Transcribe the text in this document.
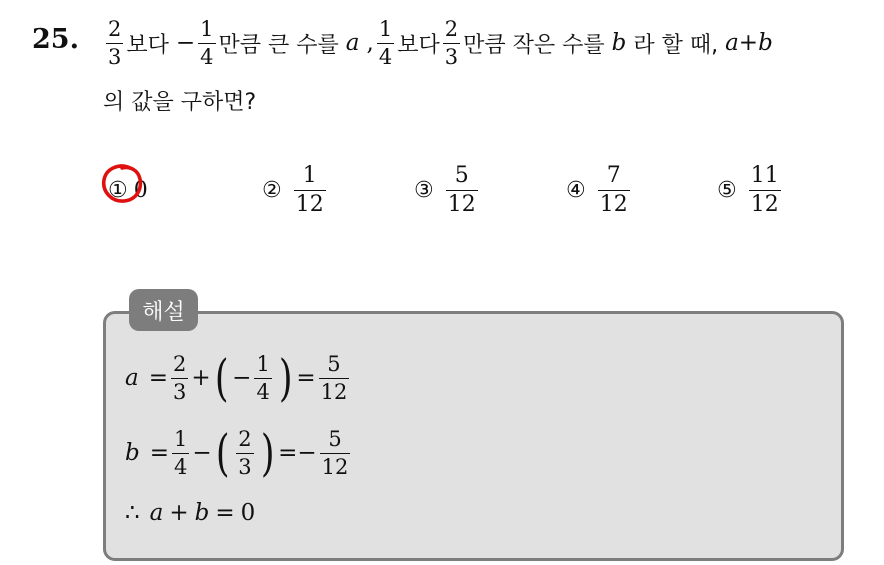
25. $\frac{2}{3}$ 보다 − $\frac{1}{4}$ 만큼 큰 수를 a , $\frac{1}{4}$ 보다 $\frac{2}{3}$ 만큼 작은 수를 b 라 할 때, a + b
의 값을 구하면?
① 0	② $\frac{1}{12}$	③ $\frac{5}{12}$	④ $\frac{7}{12}$	⑤ $\frac{11}{12}$
해설
$a = \frac{2}{3}$ + ( − $\frac{1}{4}$ ) = $\frac{5}{12}$
$b = \frac{1}{4}$ − ( $\frac{2}{3}$ ) = − $\frac{5}{12}$
∴ a + b = 0
